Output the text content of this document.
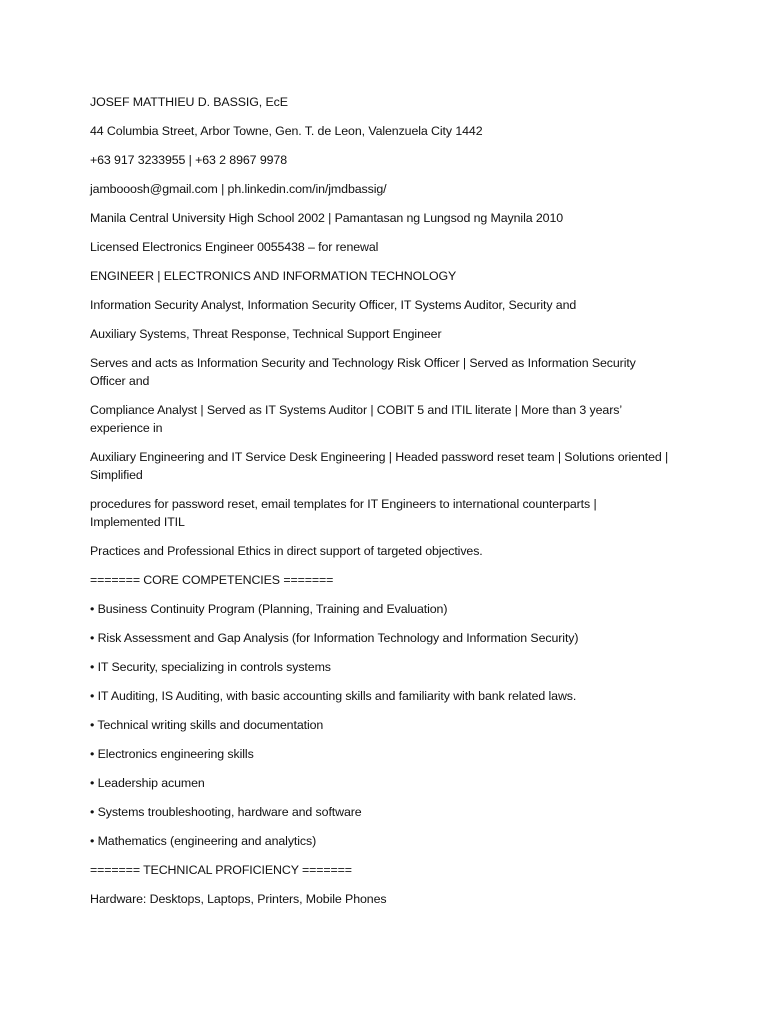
JOSEF MATTHIEU D. BASSIG, EcE

44 Columbia Street, Arbor Towne, Gen. T. de Leon, Valenzuela City 1442

+63 917 3233955 | +63 2 8967 9978

jambooosh@gmail.com | ph.linkedin.com/in/jmdbassig/

Manila Central University High School 2002 | Pamantasan ng Lungsod ng Maynila 2010

Licensed Electronics Engineer 0055438 – for renewal

ENGINEER | ELECTRONICS AND INFORMATION TECHNOLOGY

Information Security Analyst, Information Security Officer, IT Systems Auditor, Security and

Auxiliary Systems, Threat Response, Technical Support Engineer

Serves and acts as Information Security and Technology Risk Officer | Served as Information Security Officer and

Compliance Analyst | Served as IT Systems Auditor | COBIT 5 and ITIL literate | More than 3 years’ experience in

Auxiliary Engineering and IT Service Desk Engineering | Headed password reset team | Solutions oriented | Simplified

procedures for password reset, email templates for IT Engineers to international counterparts | Implemented ITIL

Practices and Professional Ethics in direct support of targeted objectives.

======= CORE COMPETENCIES =======

• Business Continuity Program (Planning, Training and Evaluation)

• Risk Assessment and Gap Analysis (for Information Technology and Information Security)

• IT Security, specializing in controls systems

• IT Auditing, IS Auditing, with basic accounting skills and familiarity with bank related laws.

• Technical writing skills and documentation

• Electronics engineering skills

• Leadership acumen

• Systems troubleshooting, hardware and software

• Mathematics (engineering and analytics)

======= TECHNICAL PROFICIENCY =======

Hardware: Desktops, Laptops, Printers, Mobile Phones
